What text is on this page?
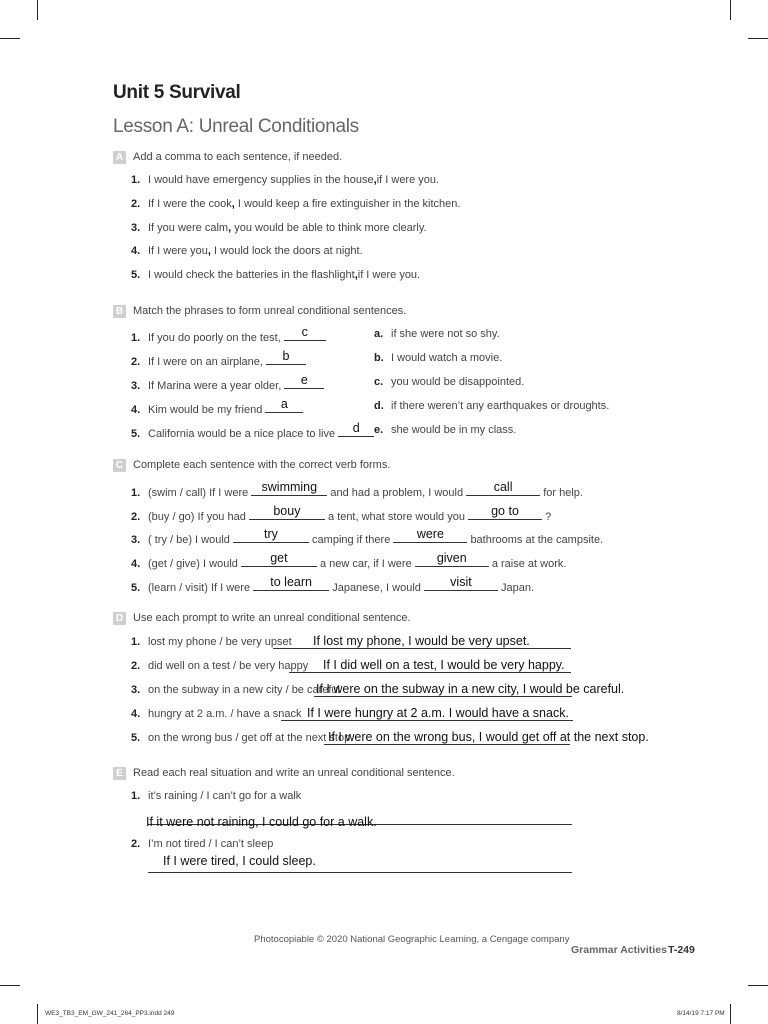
Unit 5 Survival
Lesson A: Unreal Conditionals
A Add a comma to each sentence, if needed.
1. I would have emergency supplies in the house,if I were you.
2. If I were the cook, I would keep a fire extinguisher in the kitchen.
3. If you were calm, you would be able to think more clearly.
4. If I were you, I would lock the doors at night.
5. I would check the batteries in the flashlight,if I were you.
B Match the phrases to form unreal conditional sentences.
1. If you do poorly on the test,	c
2. If I were on an airplane,	b
3. If Marina were a year older,	e
4. Kim would be my friend	a
5. California would be a nice place to live	d
a. if she were not so shy.
b. I would watch a movie.
c. you would be disappointed.
d. if there weren’t any earthquakes or droughts.
e. she would be in my class.
C Complete each sentence with the correct verb forms.
1. (swim / call) If I were	swimming	and had a problem, I would	call	for help.
2. (buy / go) If you had	bouy	a tent, what store would you	go to	?
3. ( try / be) I would	try	camping if there	were	bathrooms at the campsite.
4. (get / give) I would	get	a new car, if I were	given	a raise at work.
5. (learn / visit) If I were	to learn	Japanese, I would	visit	Japan.
D Use each prompt to write an unreal conditional sentence.
1. lost my phone / be very upset If lost my phone, I would be very upset.
2. did well on a test / be very happy If I did well on a test, I would be very happy.
3. on the subway in a new city / be careful
If I were on the subway in a new city, I would be careful.
4. hungry at 2 a.m. / have a snack If I were hungry at 2 a.m. I would have a snack.
5. on the wrong bus / get off at the next stop
If I were on the wrong bus, I would get off at the next stop.
E Read each real situation and write an unreal conditional sentence.
1. it’s raining / I can’t go for a walk
If it were not raining, I could go for a walk.
2. I’m not tired / I can’t sleep
If I were tired, I could sleep.
Photocopiable © 2020 National Geographic Learning, a Cengage company
Grammar Activities T-249
WE3_TB3_EM_GW_241_264_PP3.indd 249	8/14/19 7:17 PM
